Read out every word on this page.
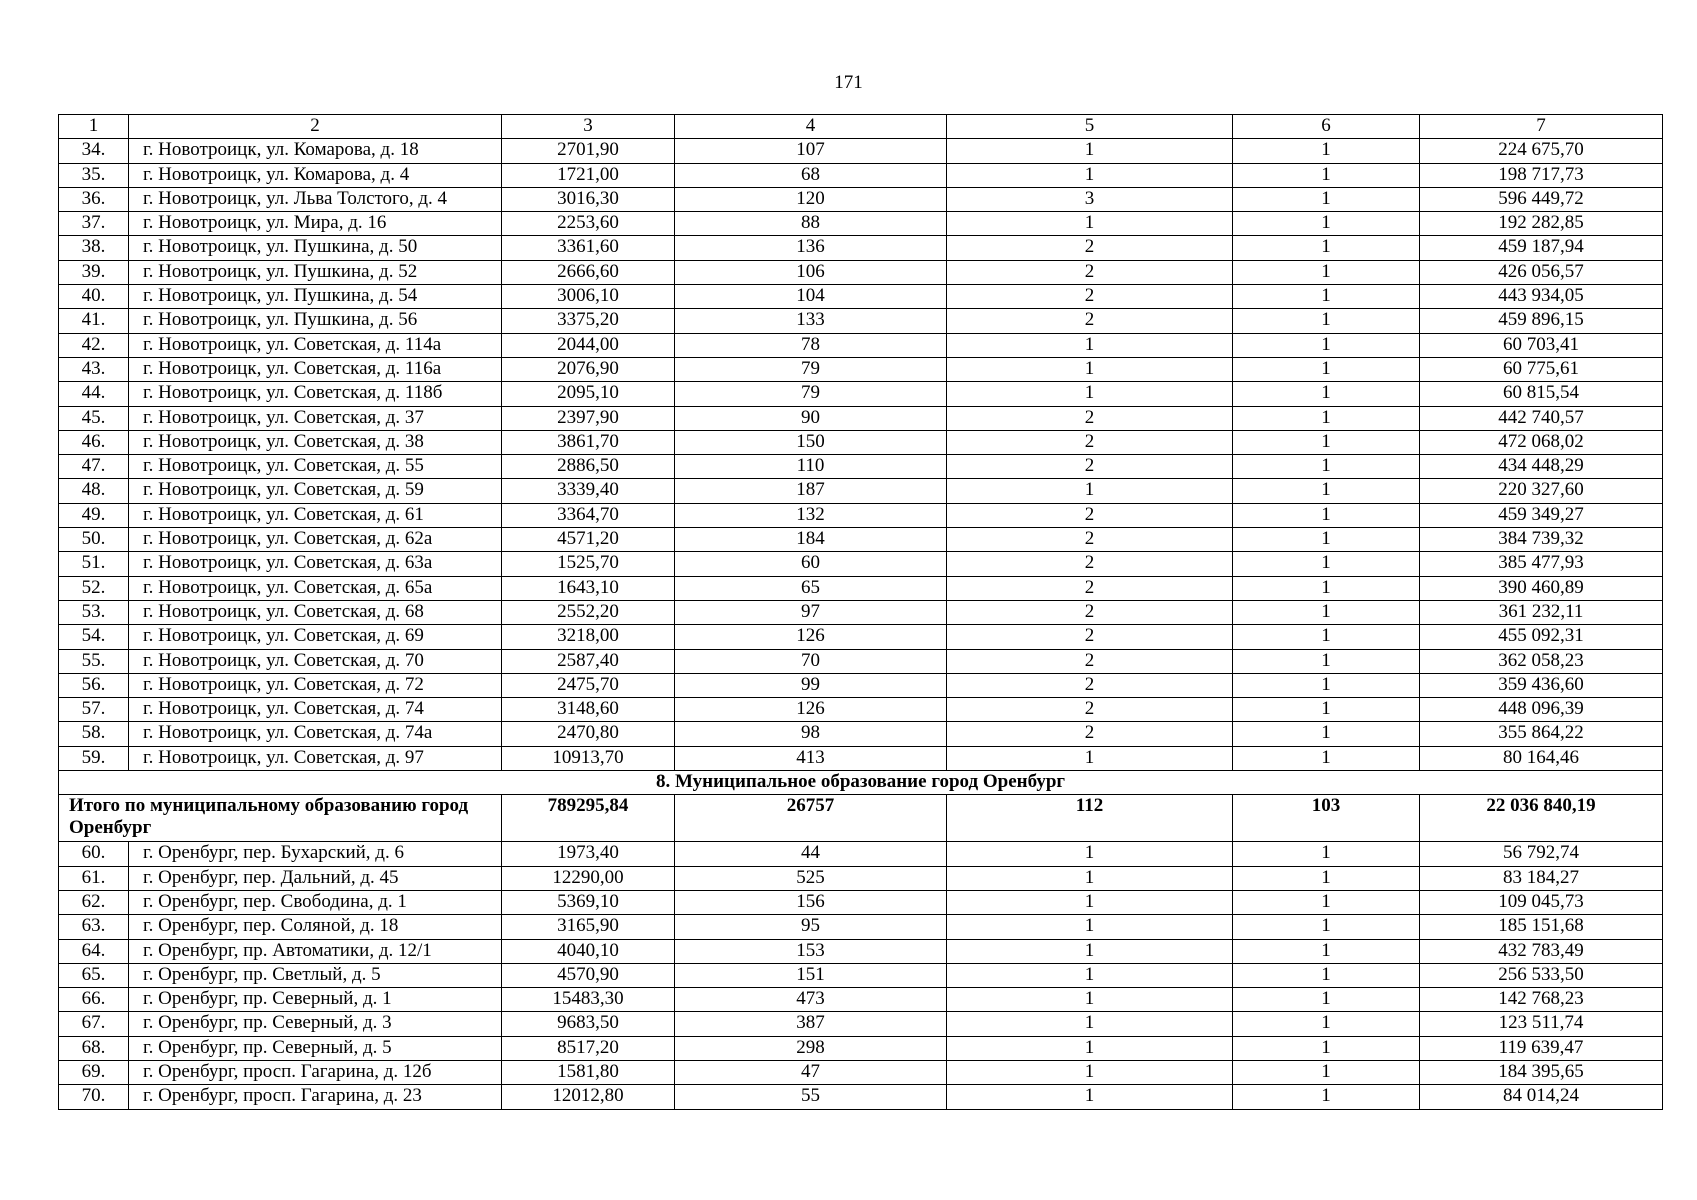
171
1	2	3	4	5	6	7
34.	г. Новотроицк, ул. Комарова, д. 18	2701,90	107	1	1	224 675,70
35.	г. Новотроицк, ул. Комарова, д. 4	1721,00	68	1	1	198 717,73
36.	г. Новотроицк, ул. Льва Толстого, д. 4	3016,30	120	3	1	596 449,72
37.	г. Новотроицк, ул. Мира, д. 16	2253,60	88	1	1	192 282,85
38.	г. Новотроицк, ул. Пушкина, д. 50	3361,60	136	2	1	459 187,94
39.	г. Новотроицк, ул. Пушкина, д. 52	2666,60	106	2	1	426 056,57
40.	г. Новотроицк, ул. Пушкина, д. 54	3006,10	104	2	1	443 934,05
41.	г. Новотроицк, ул. Пушкина, д. 56	3375,20	133	2	1	459 896,15
42.	г. Новотроицк, ул. Советская, д. 114а	2044,00	78	1	1	60 703,41
43.	г. Новотроицк, ул. Советская, д. 116а	2076,90	79	1	1	60 775,61
44.	г. Новотроицк, ул. Советская, д. 118б	2095,10	79	1	1	60 815,54
45.	г. Новотроицк, ул. Советская, д. 37	2397,90	90	2	1	442 740,57
46.	г. Новотроицк, ул. Советская, д. 38	3861,70	150	2	1	472 068,02
47.	г. Новотроицк, ул. Советская, д. 55	2886,50	110	2	1	434 448,29
48.	г. Новотроицк, ул. Советская, д. 59	3339,40	187	1	1	220 327,60
49.	г. Новотроицк, ул. Советская, д. 61	3364,70	132	2	1	459 349,27
50.	г. Новотроицк, ул. Советская, д. 62а	4571,20	184	2	1	384 739,32
51.	г. Новотроицк, ул. Советская, д. 63а	1525,70	60	2	1	385 477,93
52.	г. Новотроицк, ул. Советская, д. 65а	1643,10	65	2	1	390 460,89
53.	г. Новотроицк, ул. Советская, д. 68	2552,20	97	2	1	361 232,11
54.	г. Новотроицк, ул. Советская, д. 69	3218,00	126	2	1	455 092,31
55.	г. Новотроицк, ул. Советская, д. 70	2587,40	70	2	1	362 058,23
56.	г. Новотроицк, ул. Советская, д. 72	2475,70	99	2	1	359 436,60
57.	г. Новотроицк, ул. Советская, д. 74	3148,60	126	2	1	448 096,39
58.	г. Новотроицк, ул. Советская, д. 74а	2470,80	98	2	1	355 864,22
59.	г. Новотроицк, ул. Советская, д. 97	10913,70	413	1	1	80 164,46
8. Муниципальное образование город Оренбург						
Итого по муниципальному образованию город Оренбург		789295,84	26757	112	103	22 036 840,19
60.	г. Оренбург, пер. Бухарский, д. 6	1973,40	44	1	1	56 792,74
61.	г. Оренбург, пер. Дальний, д. 45	12290,00	525	1	1	83 184,27
62.	г. Оренбург, пер. Свободина, д. 1	5369,10	156	1	1	109 045,73
63.	г. Оренбург, пер. Соляной, д. 18	3165,90	95	1	1	185 151,68
64.	г. Оренбург, пр. Автоматики, д. 12/1	4040,10	153	1	1	432 783,49
65.	г. Оренбург, пр. Светлый, д. 5	4570,90	151	1	1	256 533,50
66.	г. Оренбург, пр. Северный, д. 1	15483,30	473	1	1	142 768,23
67.	г. Оренбург, пр. Северный, д. 3	9683,50	387	1	1	123 511,74
68.	г. Оренбург, пр. Северный, д. 5	8517,20	298	1	1	119 639,47
69.	г. Оренбург, просп. Гагарина, д. 12б	1581,80	47	1	1	184 395,65
70.	г. Оренбург, просп. Гагарина, д. 23	12012,80	55	1	1	84 014,24
